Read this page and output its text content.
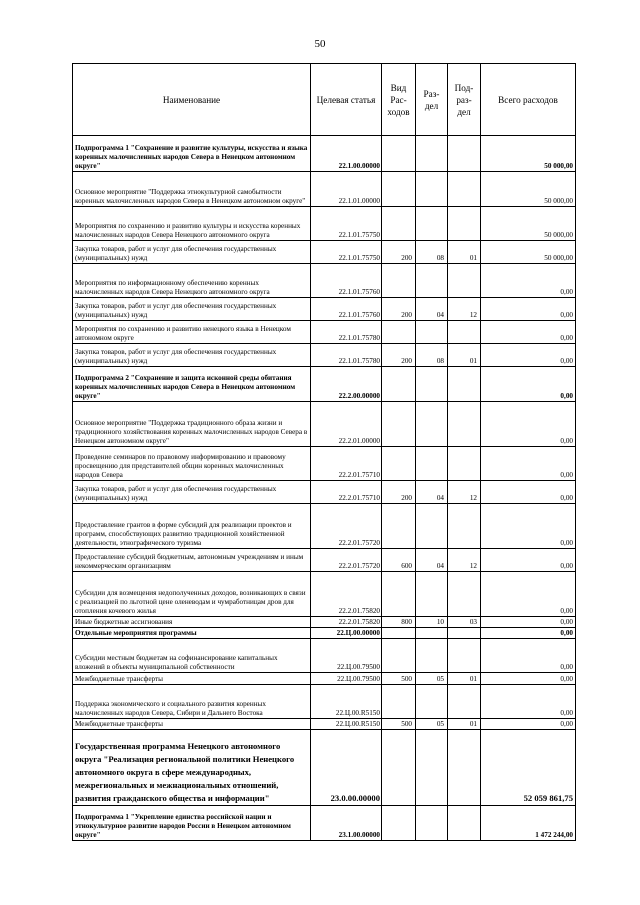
50
Наименование	Целевая статья	Вид Рас-ходов	Раз-дел	Под-раз-дел	Всего расходов
Подпрограмма 1 "Сохранение и развитие культуры, искусства и языка коренных малочисленных народов Севера в Ненецком автономном округе"	22.1.00.00000				50 000,00
Основное мероприятие "Поддержка этнокультурной самобытности коренных малочисленных народов Севера в Ненецком автономном округе"	22.1.01.00000				50 000,00
Мероприятия по сохранению и развитию культуры и искусства коренных малочисленных народов Севера Ненецкого автономного округа	22.1.01.75750				50 000,00
Закупка товаров, работ и услуг для обеспечения государственных (муниципальных) нужд	22.1.01.75750	200	08	01	50 000,00
Мероприятия по информационному обеспечению коренных малочисленных народов Севера Ненецкого автономного округа	22.1.01.75760				0,00
Закупка товаров, работ и услуг для обеспечения государственных (муниципальных) нужд	22.1.01.75760	200	04	12	0,00
Мероприятия по сохранению и развитию ненецкого языка в Ненецком автономном округе	22.1.01.75780				0,00
Закупка товаров, работ и услуг для обеспечения государственных (муниципальных) нужд	22.1.01.75780	200	08	01	0,00
Подпрограмма 2 "Сохранение и защита исконной среды обитания коренных малочисленных народов Севера в Ненецком автономном округе"	22.2.00.00000				0,00
Основное мероприятие "Поддержка традиционного образа жизни и традиционного хозяйствования коренных малочисленных народов Севера в Ненецком автономном округе"	22.2.01.00000				0,00
Проведение семинаров по правовому информированию и правовому просвещению для представителей общин коренных малочисленных народов Севера	22.2.01.75710				0,00
Закупка товаров, работ и услуг для обеспечения государственных (муниципальных) нужд	22.2.01.75710	200	04	12	0,00
Предоставление грантов в форме субсидий для реализации проектов и программ, способствующих развитию традиционной хозяйственной деятельности, этнографического туризма	22.2.01.75720				0,00
Предоставление субсидий бюджетным, автономным учреждениям и иным некоммерческим организациям	22.2.01.75720	600	04	12	0,00
Субсидии для возмещения недополученных доходов, возникающих в связи с реализацией по льготной цене оленеводам и чумработницам дров для отопления кочевого жилья	22.2.01.75820				0,00
Иные бюджетные ассигнования	22.2.01.75820	800	10	03	0,00
Отдельные мероприятия программы	22.Ц.00.00000				0,00
Субсидии местным бюджетам на софинансирование капитальных вложений в объекты муниципальной собственности	22.Ц.00.79500				0,00
Межбюджетные трансферты	22.Ц.00.79500	500	05	01	0,00
Поддержка экономического и социального развития коренных малочисленных народов Севера, Сибири и Дальнего Востока	22.Ц.00.R5150				0,00
Межбюджетные трансферты	22.Ц.00.R5150	500	05	01	0,00
Государственная программа Ненецкого автономного округа "Реализация региональной политики Ненецкого автономного округа в сфере международных, межрегиональных и межнациональных отношений, развития гражданского общества и информации"	23.0.00.00000				52 059 861,75
Подпрограмма 1 "Укрепление единства российской нации и этнокультурное развитие народов России в Ненецком автономном округе"	23.1.00.00000				1 472 244,00
